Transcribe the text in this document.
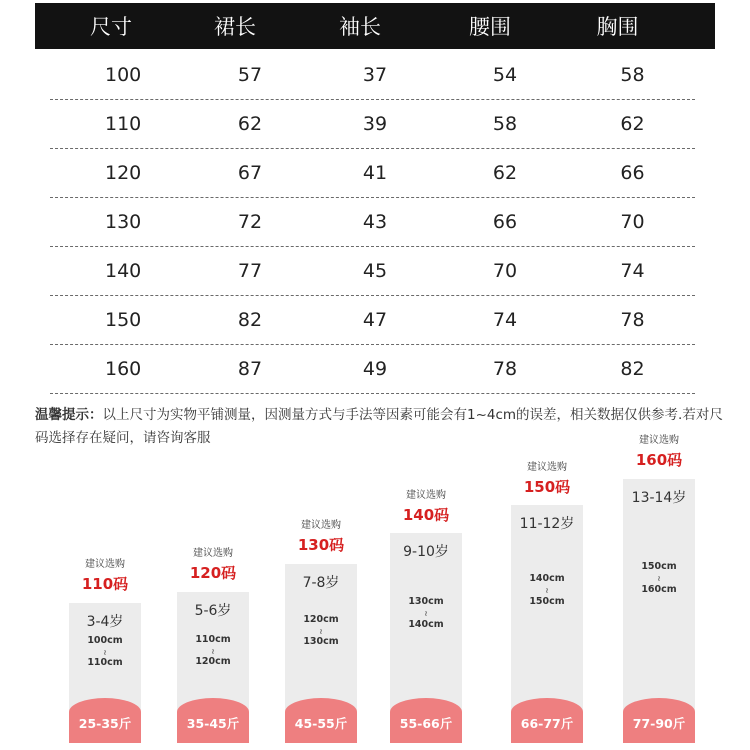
尺寸	裙长	袖长	腰围	胸围
100	57	37	54	58
110	62	39	58	62
120	67	41	62	66
130	72	43	66	70
140	77	45	70	74
150	82	47	74	78
160	87	49	78	82
温馨提示：以上尺寸为实物平铺测量，因测量方式与手法等因素可能会有1~4cm的误差，相关数据仅供参考.若对尺码选择存在疑问，请咨询客服
建议选购
110码
3-4岁
100cm
≀
110cm
25-35斤
建议选购
120码
5-6岁
110cm
≀
120cm
35-45斤
建议选购
130码
7-8岁
120cm
≀
130cm
45-55斤
建议选购
140码
9-10岁
130cm
≀
140cm
55-66斤
建议选购
150码
11-12岁
140cm
≀
150cm
66-77斤
建议选购
160码
13-14岁
150cm
≀
160cm
77-90斤
